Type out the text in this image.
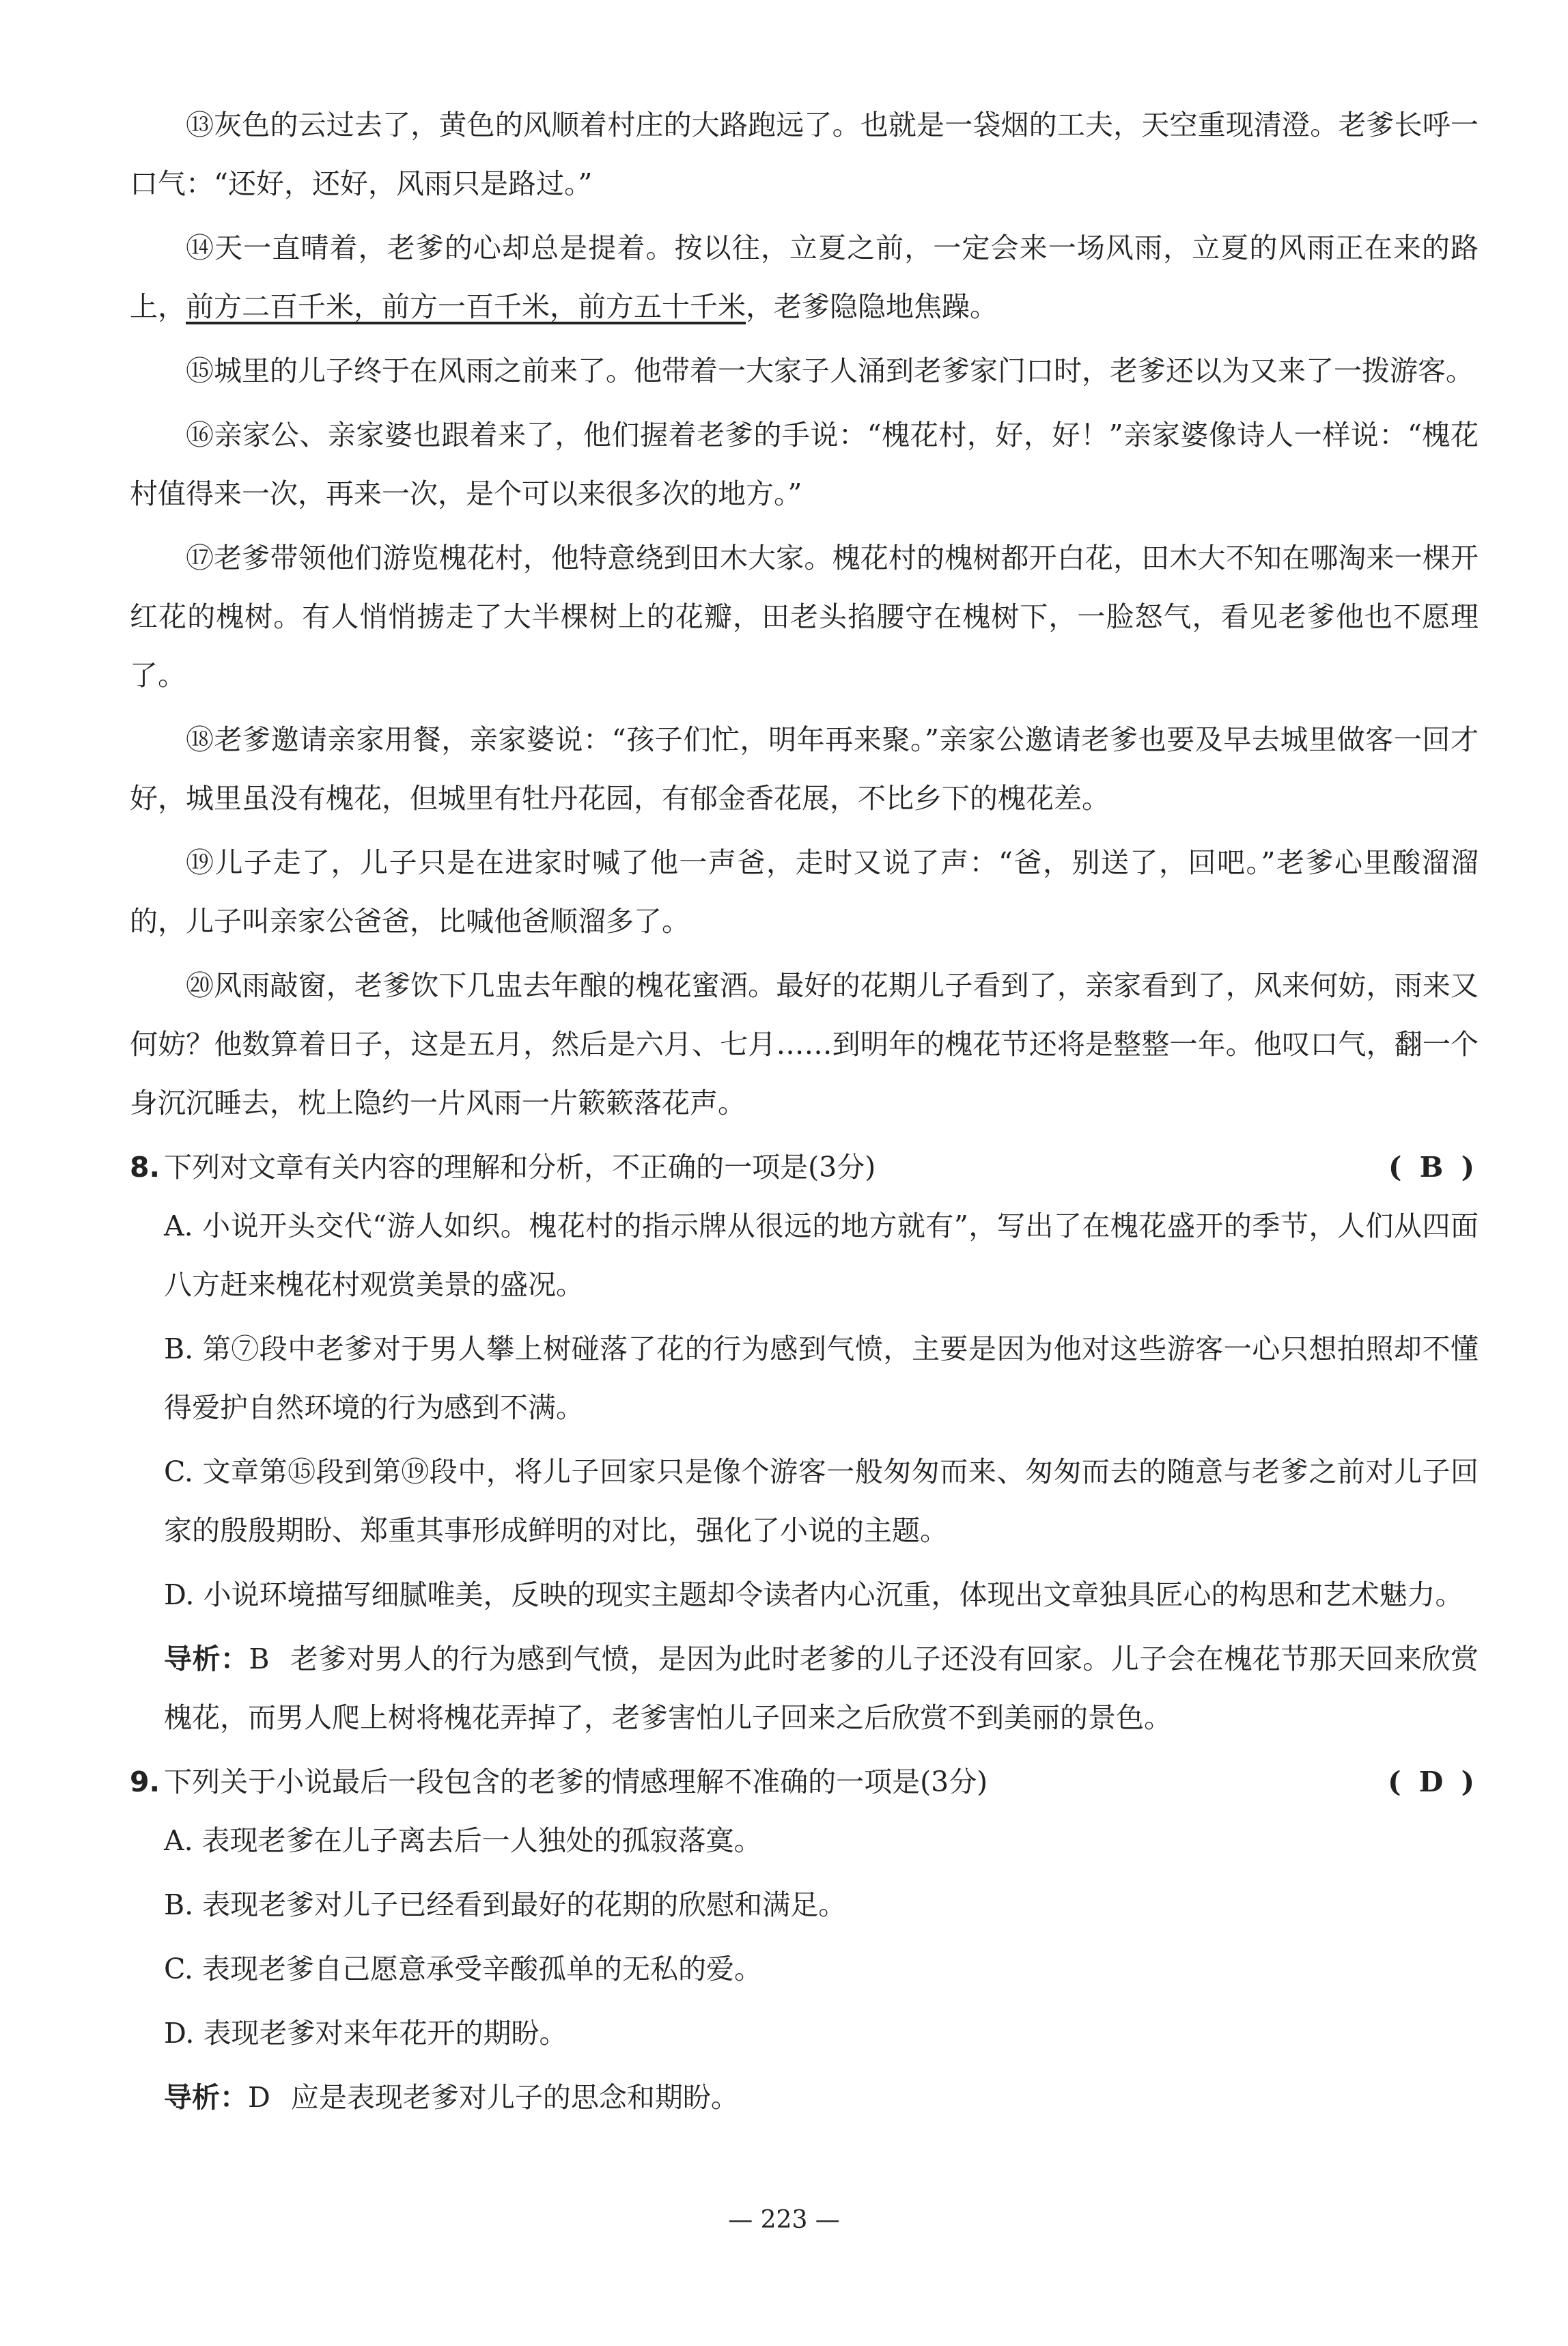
⑬灰色的云过去了，黄色的风顺着村庄的大路跑远了。也就是一袋烟的工夫，天空重现清澄。老爹长呼一口气：“还好，还好，风雨只是路过。”

⑭天一直晴着，老爹的心却总是提着。按以往，立夏之前，一定会来一场风雨，立夏的风雨正在来的路上，前方二百千米，前方一百千米，前方五十千米，老爹隐隐地焦躁。

⑮城里的儿子终于在风雨之前来了。他带着一大家子人涌到老爹家门口时，老爹还以为又来了一拨游客。

⑯亲家公、亲家婆也跟着来了，他们握着老爹的手说：“槐花村，好，好！”亲家婆像诗人一样说：“槐花村值得来一次，再来一次，是个可以来很多次的地方。”

⑰老爹带领他们游览槐花村，他特意绕到田木大家。槐花村的槐树都开白花，田木大不知在哪淘来一棵开红花的槐树。有人悄悄掳走了大半棵树上的花瓣，田老头掐腰守在槐树下，一脸怒气，看见老爹他也不愿理了。

⑱老爹邀请亲家用餐，亲家婆说：“孩子们忙，明年再来聚。”亲家公邀请老爹也要及早去城里做客一回才好，城里虽没有槐花，但城里有牡丹花园，有郁金香花展，不比乡下的槐花差。

⑲儿子走了，儿子只是在进家时喊了他一声爸，走时又说了声：“爸，别送了，回吧。”老爹心里酸溜溜的，儿子叫亲家公爸爸，比喊他爸顺溜多了。

⑳风雨敲窗，老爹饮下几盅去年酿的槐花蜜酒。最好的花期儿子看到了，亲家看到了，风来何妨，雨来又何妨？他数算着日子，这是五月，然后是六月、七月……到明年的槐花节还将是整整一年。他叹口气，翻一个身沉沉睡去，枕上隐约一片风雨一片簌簌落花声。

8. 下列对文章有关内容的理解和分析，不正确的一项是(3分)	( B )

A. 小说开头交代“游人如织。槐花村的指示牌从很远的地方就有”，写出了在槐花盛开的季节，人们从四面八方赶来槐花村观赏美景的盛况。

B. 第⑦段中老爹对于男人攀上树碰落了花的行为感到气愤，主要是因为他对这些游客一心只想拍照却不懂得爱护自然环境的行为感到不满。

C. 文章第⑮段到第⑲段中，将儿子回家只是像个游客一般匆匆而来、匆匆而去的随意与老爹之前对儿子回家的殷殷期盼、郑重其事形成鲜明的对比，强化了小说的主题。

D. 小说环境描写细腻唯美，反映的现实主题却令读者内心沉重，体现出文章独具匠心的构思和艺术魅力。

导析：B 老爹对男人的行为感到气愤，是因为此时老爹的儿子还没有回家。儿子会在槐花节那天回来欣赏槐花，而男人爬上树将槐花弄掉了，老爹害怕儿子回来之后欣赏不到美丽的景色。

9. 下列关于小说最后一段包含的老爹的情感理解不准确的一项是(3分)	( D )

A. 表现老爹在儿子离去后一人独处的孤寂落寞。

B. 表现老爹对儿子已经看到最好的花期的欣慰和满足。

C. 表现老爹自己愿意承受辛酸孤单的无私的爱。

D. 表现老爹对来年花开的期盼。

导析：D 应是表现老爹对儿子的思念和期盼。

— 223 —
